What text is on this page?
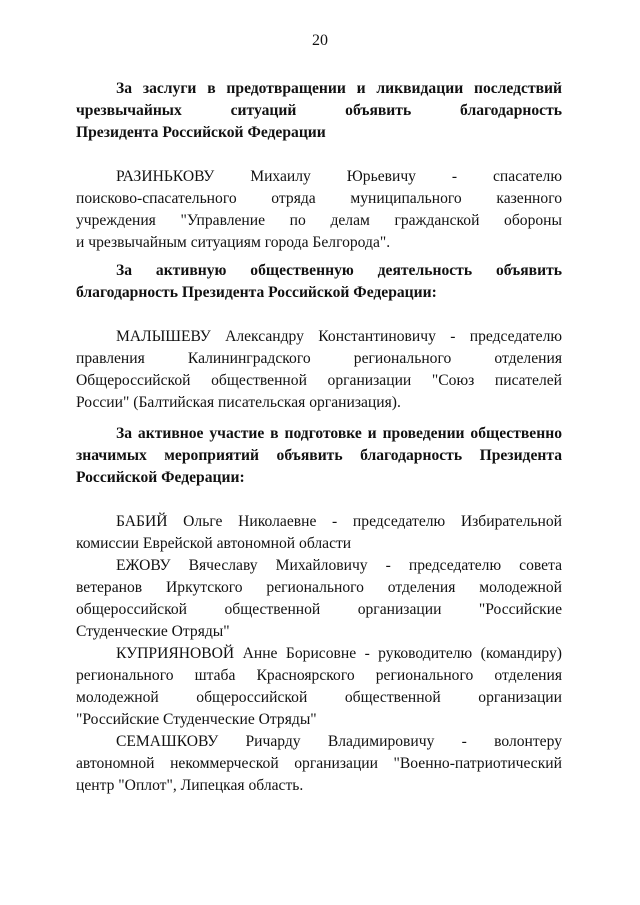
20
За заслуги в предотвращении и ликвидации последствий
чрезвычайных ситуаций объявить благодарность
Президента Российской Федерации
РАЗИНЬКОВУ Михаилу Юрьевичу - спасателю
поисково-спасательного отряда муниципального казенного
учреждения "Управление по делам гражданской обороны
и чрезвычайным ситуациям города Белгорода".
За активную общественную деятельность объявить
благодарность Президента Российской Федерации:
МАЛЫШЕВУ Александру Константиновичу - председателю
правления Калининградского регионального отделения
Общероссийской общественной организации "Союз писателей
России" (Балтийская писательская организация).
За активное участие в подготовке и проведении общественно
значимых мероприятий объявить благодарность Президента
Российской Федерации:
БАБИЙ Ольге Николаевне - председателю Избирательной
комиссии Еврейской автономной области
ЕЖОВУ Вячеславу Михайловичу - председателю совета
ветеранов Иркутского регионального отделения молодежной
общероссийской общественной организации "Российские
Студенческие Отряды"
КУПРИЯНОВОЙ Анне Борисовне - руководителю (командиру)
регионального штаба Красноярского регионального отделения
молодежной общероссийской общественной организации
"Российские Студенческие Отряды"
СЕМАШКОВУ Ричарду Владимировичу - волонтеру
автономной некоммерческой организации "Военно-патриотический
центр "Оплот", Липецкая область.
